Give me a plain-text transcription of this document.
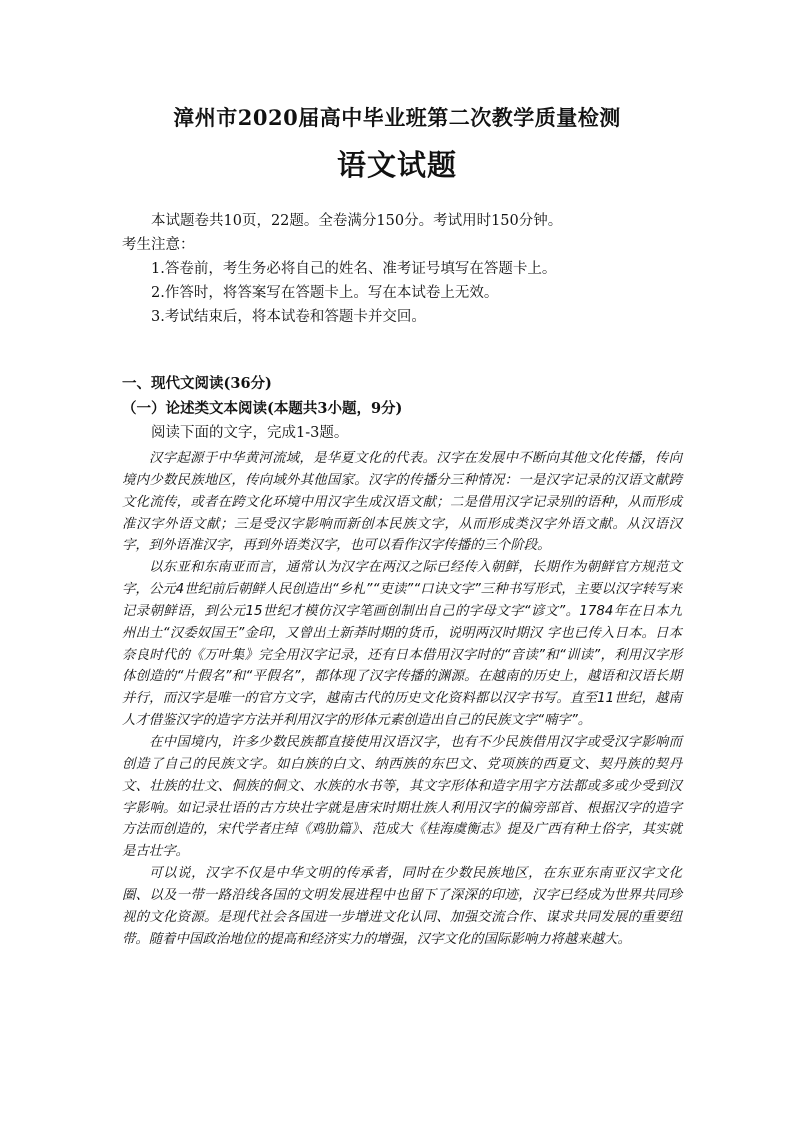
漳州市2020届高中毕业班第二次教学质量检测
语文试题
本试题卷共10页，22题。全卷满分150分。考试用时150分钟。
考生注意：
1.答卷前，考生务必将自己的姓名、准考证号填写在答题卡上。
2.作答时，将答案写在答题卡上。写在本试卷上无效。
3.考试结束后，将本试卷和答题卡并交回。
一、现代文阅读(36分)
（一）论述类文本阅读(本题共3小题，9分)
阅读下面的文字，完成1-3题。

汉字起源于中华黄河流域，是华夏文化的代表。汉字在发展中不断向其他文化传播，传向境内少数民族地区，传向域外其他国家。汉字的传播分三种情况：一是汉字记录的汉语文献跨文化流传，或者在跨文化环境中用汉字生成汉语文献；二是借用汉字记录别的语种，从而形成准汉字外语文献；三是受汉字影响而新创本民族文字，从而形成类汉字外语文献。从汉语汉字，到外语准汉字，再到外语类汉字，也可以看作汉字传播的三个阶段。

以东亚和东南亚而言，通常认为汉字在两汉之际已经传入朝鲜，长期作为朝鲜官方规范文字，公元4世纪前后朝鲜人民创造出“乡札”“吏读”“口诀文字”三种书写形式，主要以汉字转写来记录朝鲜语，到公元15世纪才模仿汉字笔画创制出自己的字母文字“谚文”。1784年在日本九州出土“汉委奴国王”金印，又曾出土新莽时期的货币，说明两汉时期汉 字也已传入日本。日本奈良时代的《万叶集》完全用汉字记录，还有日本借用汉字时的“音读”和“训读”，利用汉字形体创造的“片假名”和“平假名”，都体现了汉字传播的渊源。在越南的历史上，越语和汉语长期并行，而汉字是唯一的官方文字，越南古代的历史文化资料都以汉字书写。直至11世纪，越南人才借鉴汉字的造字方法并利用汉字的形体元素创造出自己的民族文字“喃字”。

在中国境内，许多少数民族都直接使用汉语汉字，也有不少民族借用汉字或受汉字影响而创造了自己的民族文字。如白族的白文、纳西族的东巴文、党项族的西夏文、契丹族的契丹文、壮族的壮文、侗族的侗文、水族的水书等，其文字形体和造字用字方法都或多或少受到汉字影响。如记录壮语的古方块壮字就是唐宋时期壮族人利用汉字的偏旁部首、根据汉字的造字方法而创造的，宋代学者庄绰《鸡肋篇》、范成大《桂海虞衡志》提及广西有种土俗字，其实就是古壮字。

可以说，汉字不仅是中华文明的传承者，同时在少数民族地区，在东亚东南亚汉字文化圈、以及一带一路沿线各国的文明发展进程中也留下了深深的印迹，汉字已经成为世界共同珍视的文化资源。是现代社会各国进一步增进文化认同、加强交流合作、谋求共同发展的重要纽带。随着中国政治地位的提高和经济实力的增强，汉字文化的国际影响力将越来越大。
